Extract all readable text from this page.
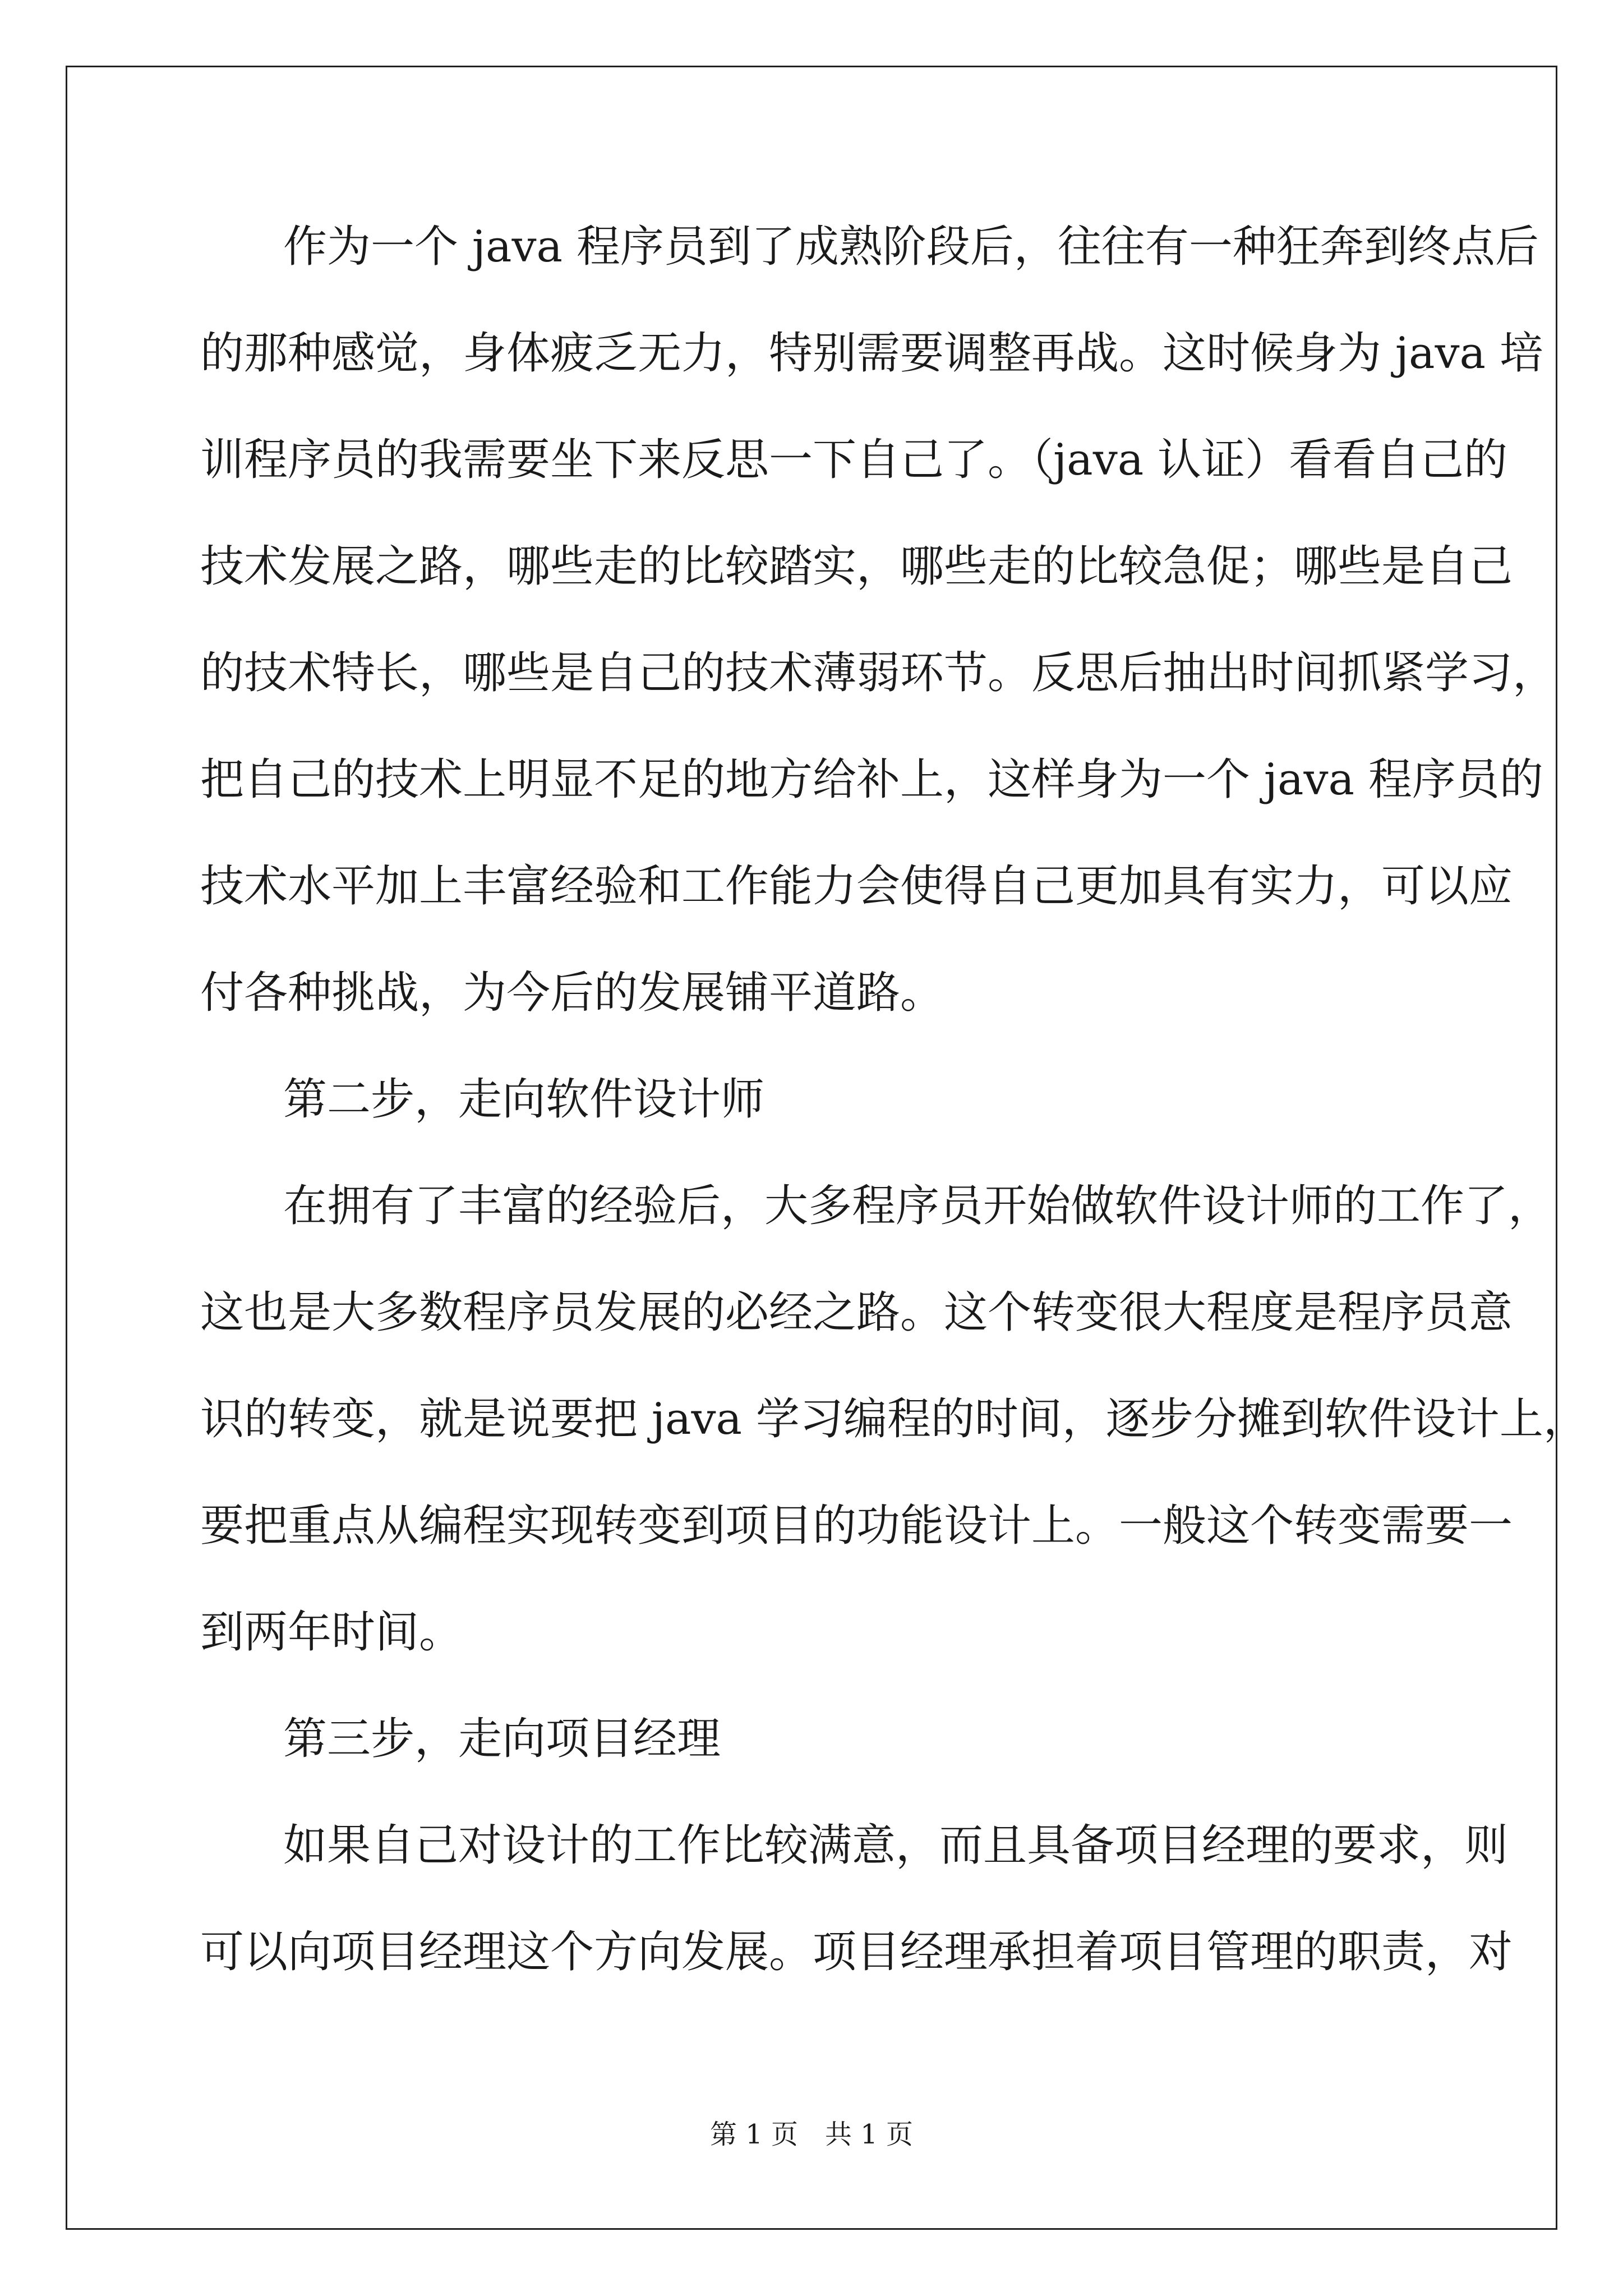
作为一个 java 程序员到了成熟阶段后，往往有一种狂奔到终点后
的那种感觉，身体疲乏无力，特别需要调整再战。这时候身为 java 培
训程序员的我需要坐下来反思一下自己了。（java 认证）看看自己的
技术发展之路，哪些走的比较踏实，哪些走的比较急促；哪些是自己
的技术特长，哪些是自己的技术薄弱环节。反思后抽出时间抓紧学习，
把自己的技术上明显不足的地方给补上，这样身为一个 java 程序员的
技术水平加上丰富经验和工作能力会使得自己更加具有实力，可以应
付各种挑战，为今后的发展铺平道路。
第二步，走向软件设计师
在拥有了丰富的经验后，大多程序员开始做软件设计师的工作了，
这也是大多数程序员发展的必经之路。这个转变很大程度是程序员意
识的转变，就是说要把 java 学习编程的时间，逐步分摊到软件设计上，
要把重点从编程实现转变到项目的功能设计上。一般这个转变需要一
到两年时间。
第三步，走向项目经理
如果自己对设计的工作比较满意，而且具备项目经理的要求，则
可以向项目经理这个方向发展。项目经理承担着项目管理的职责，对
第 1 页　共 1 页
